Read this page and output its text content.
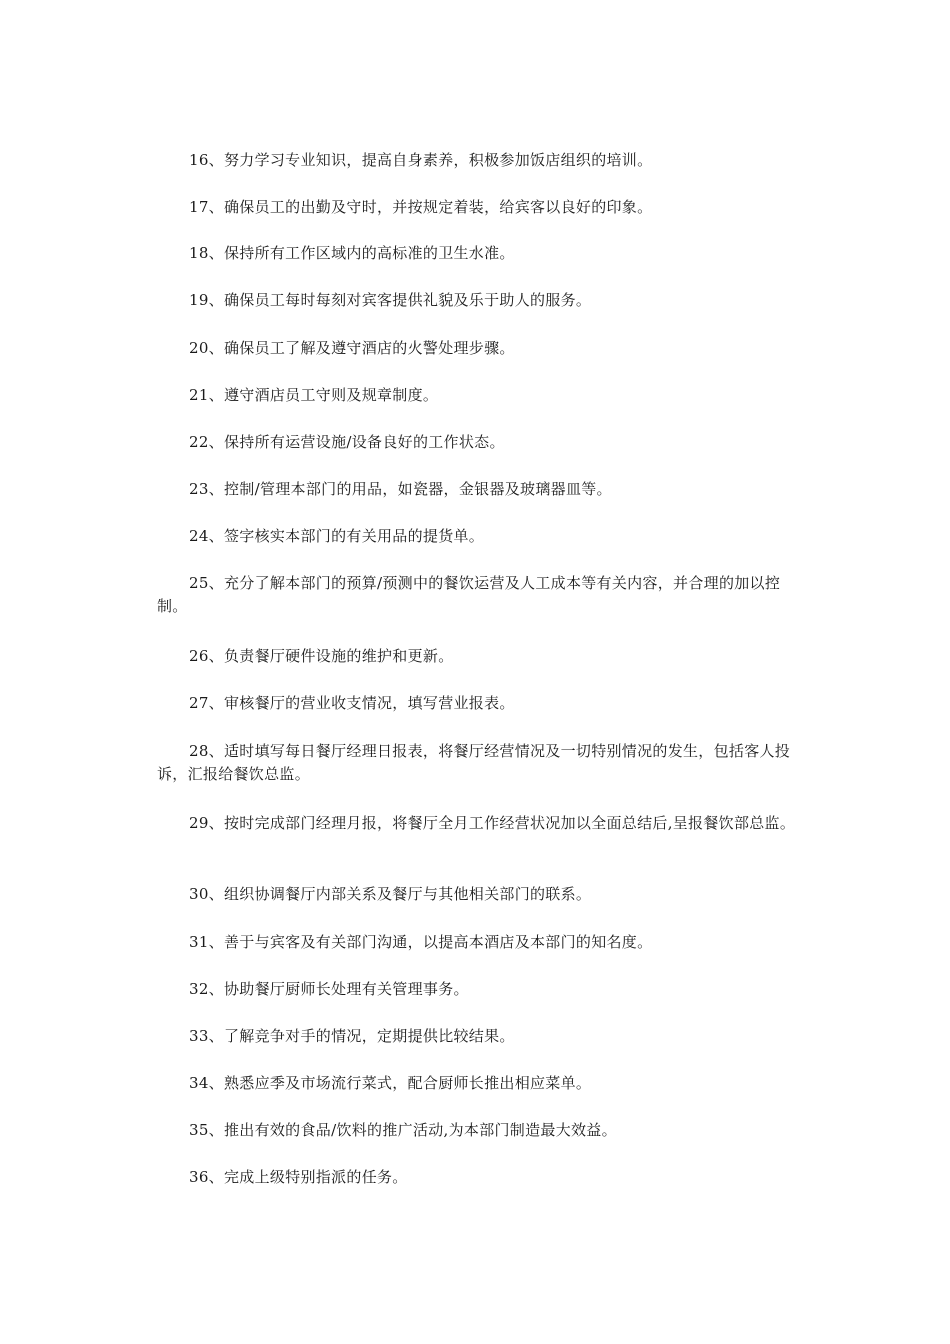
16、努力学习专业知识，提高自身素养，积极参加饭店组织的培训。

17、确保员工的出勤及守时，并按规定着装，给宾客以良好的印象。

18、保持所有工作区域内的高标准的卫生水准。

19、确保员工每时每刻对宾客提供礼貌及乐于助人的服务。

20、确保员工了解及遵守酒店的火警处理步骤。

21、遵守酒店员工守则及规章制度。

22、保持所有运营设施/设备良好的工作状态。

23、控制/管理本部门的用品，如瓷器，金银器及玻璃器皿等。

24、签字核实本部门的有关用品的提货单。

25、充分了解本部门的预算/预测中的餐饮运营及人工成本等有关内容，并合理的加以控制。

26、负责餐厅硬件设施的维护和更新。

27、审核餐厅的营业收支情况，填写营业报表。

28、适时填写每日餐厅经理日报表，将餐厅经营情况及一切特别情况的发生，包括客人投诉，汇报给餐饮总监。

29、按时完成部门经理月报，将餐厅全月工作经营状况加以全面总结后,呈报餐饮部总监。

30、组织协调餐厅内部关系及餐厅与其他相关部门的联系。

31、善于与宾客及有关部门沟通，以提高本酒店及本部门的知名度。

32、协助餐厅厨师长处理有关管理事务。

33、了解竞争对手的情况，定期提供比较结果。

34、熟悉应季及市场流行菜式，配合厨师长推出相应菜单。

35、推出有效的食品/饮料的推广活动,为本部门制造最大效益。

36、完成上级特别指派的任务。
